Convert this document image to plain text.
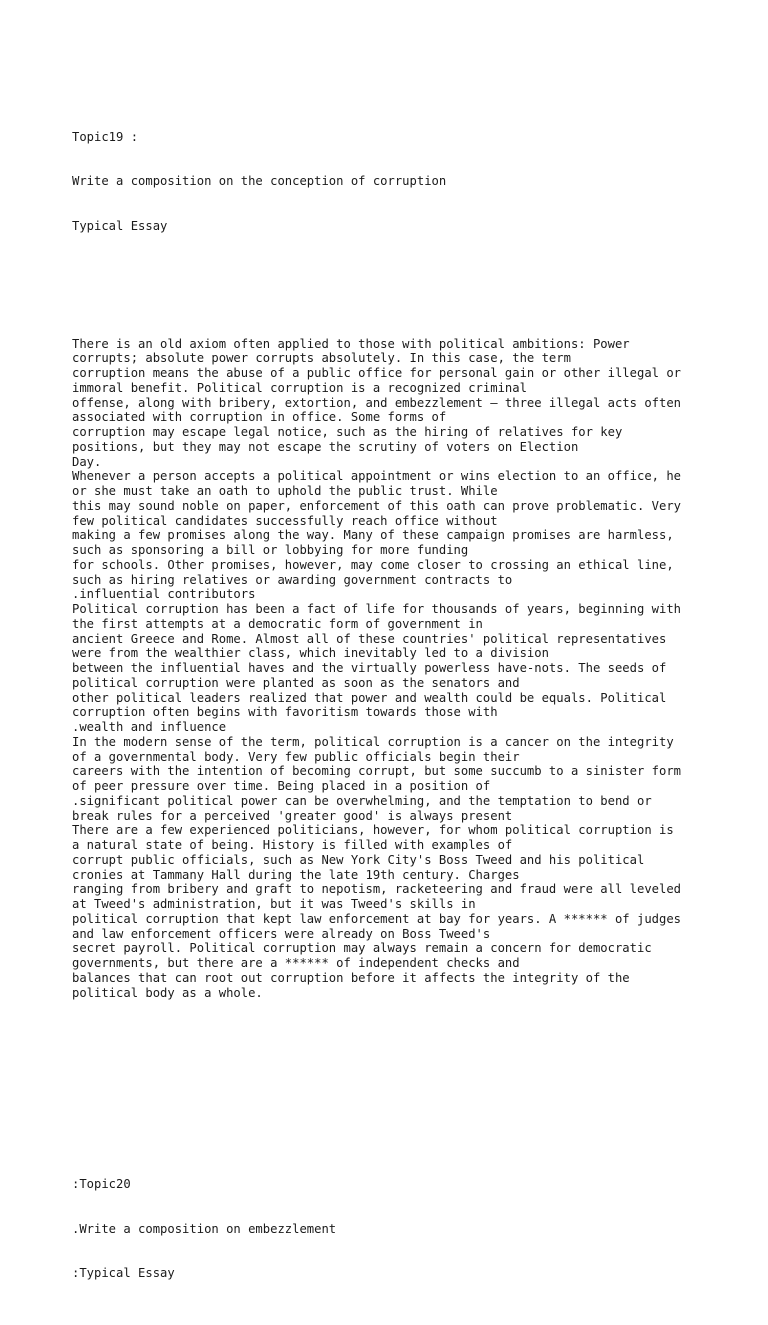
Topic19 :

Write a composition on the conception of corruption

Typical Essay

There is an old axiom often applied to those with political ambitions: Power
corrupts; absolute power corrupts absolutely. In this case, the term
corruption means the abuse of a public office for personal gain or other illegal or
immoral benefit. Political corruption is a recognized criminal
offense, along with bribery, extortion, and embezzlement – three illegal acts often
associated with corruption in office. Some forms of
corruption may escape legal notice, such as the hiring of relatives for key
positions, but they may not escape the scrutiny of voters on Election
Day.
Whenever a person accepts a political appointment or wins election to an office, he
or she must take an oath to uphold the public trust. While
this may sound noble on paper, enforcement of this oath can prove problematic. Very
few political candidates successfully reach office without
making a few promises along the way. Many of these campaign promises are harmless,
such as sponsoring a bill or lobbying for more funding
for schools. Other promises, however, may come closer to crossing an ethical line,
such as hiring relatives or awarding government contracts to
.influential contributors
Political corruption has been a fact of life for thousands of years, beginning with
the first attempts at a democratic form of government in
ancient Greece and Rome. Almost all of these countries' political representatives
were from the wealthier class, which inevitably led to a division
between the influential haves and the virtually powerless have-nots. The seeds of
political corruption were planted as soon as the senators and
other political leaders realized that power and wealth could be equals. Political
corruption often begins with favoritism towards those with
.wealth and influence
In the modern sense of the term, political corruption is a cancer on the integrity
of a governmental body. Very few public officials begin their
careers with the intention of becoming corrupt, but some succumb to a sinister form
of peer pressure over time. Being placed in a position of
.significant political power can be overwhelming, and the temptation to bend or
break rules for a perceived 'greater good' is always present
There are a few experienced politicians, however, for whom political corruption is
a natural state of being. History is filled with examples of
corrupt public officials, such as New York City's Boss Tweed and his political
cronies at Tammany Hall during the late 19th century. Charges
ranging from bribery and graft to nepotism, racketeering and fraud were all leveled
at Tweed's administration, but it was Tweed's skills in
political corruption that kept law enforcement at bay for years. A ****** of judges
and law enforcement officers were already on Boss Tweed's
secret payroll. Political corruption may always remain a concern for democratic
governments, but there are a ****** of independent checks and
balances that can root out corruption before it affects the integrity of the
political body as a whole.

:Topic20

.Write a composition on embezzlement

:Typical Essay
